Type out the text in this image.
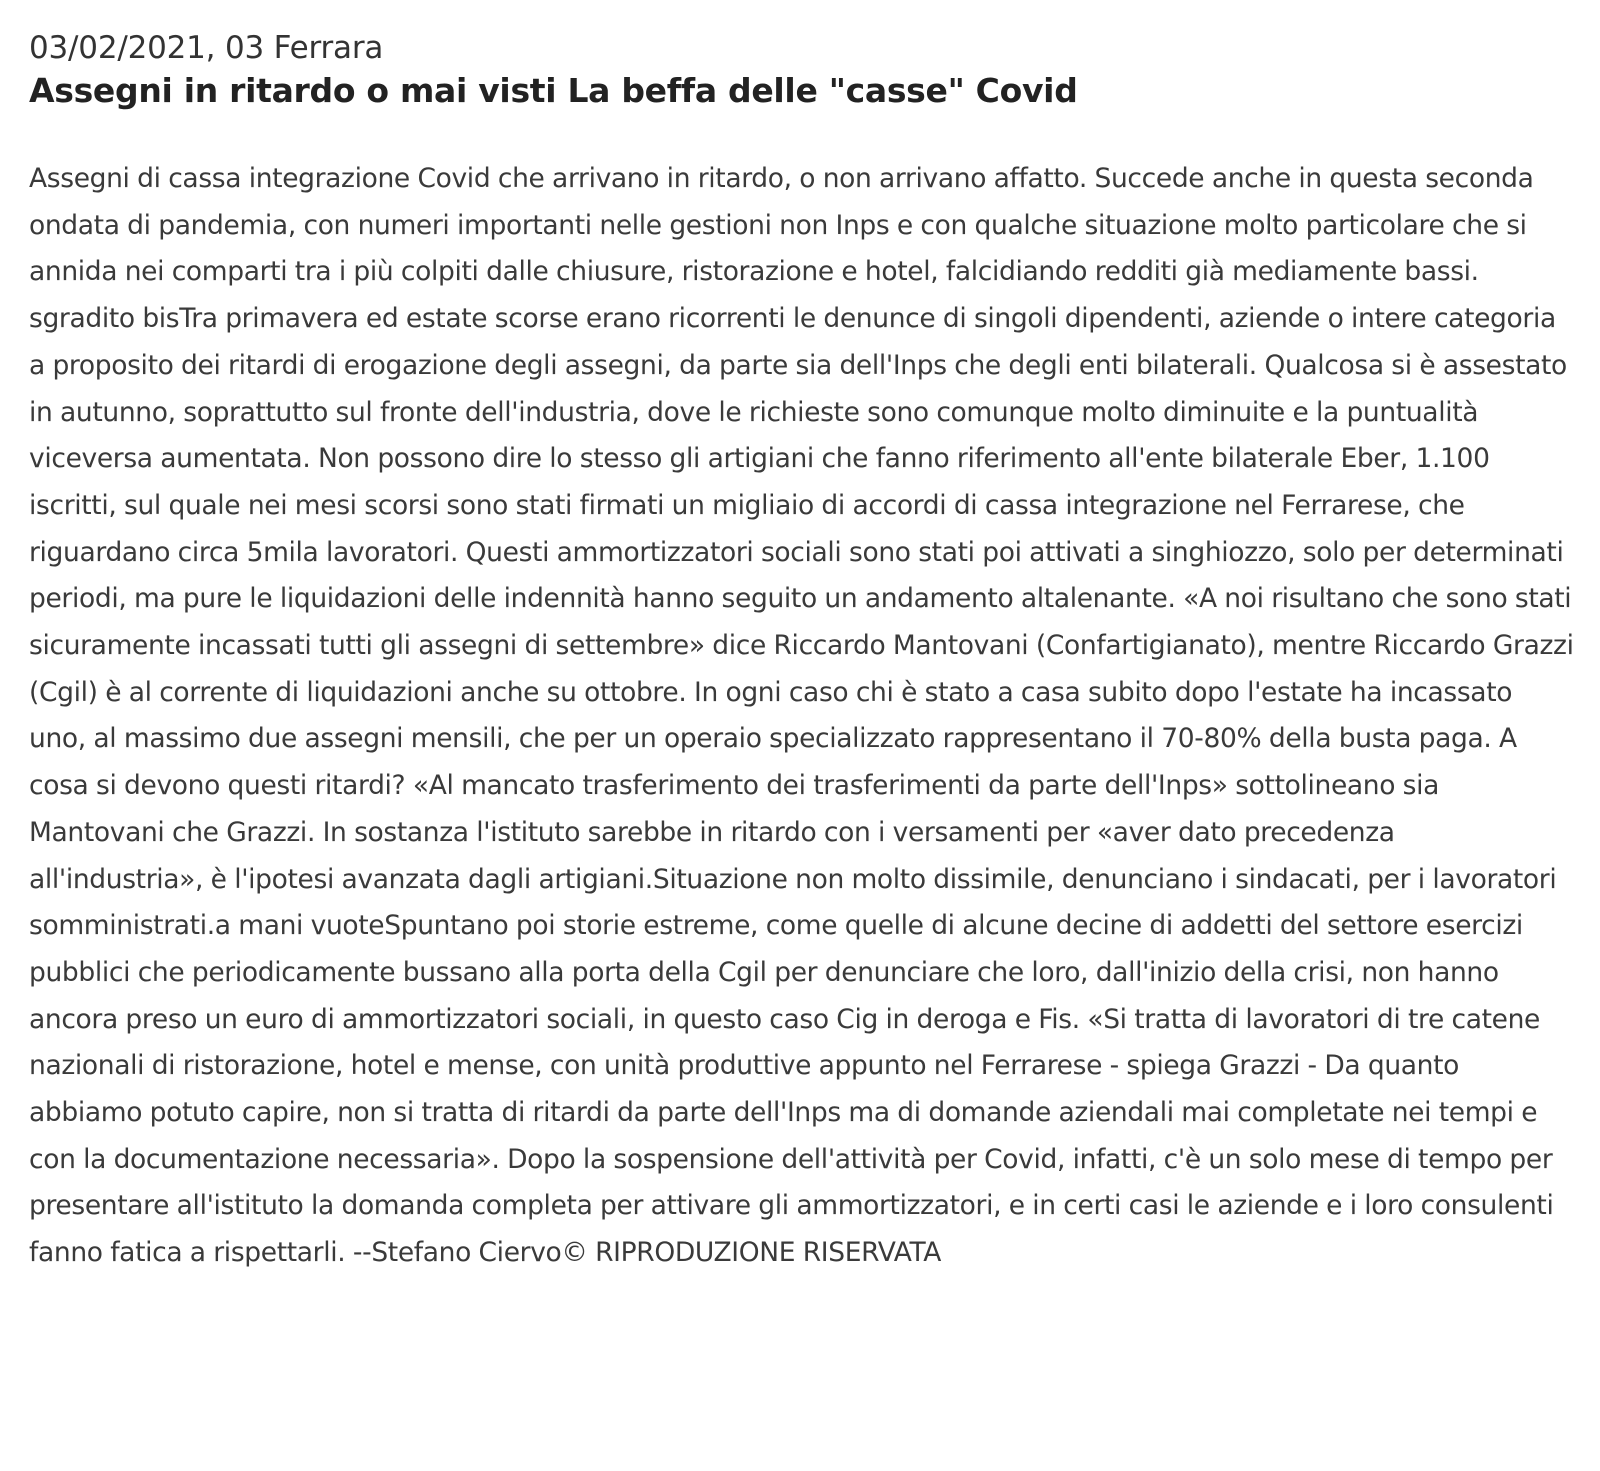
03/02/2021, 03 Ferrara
Assegni in ritardo o mai visti La beffa delle "casse" Covid

Assegni di cassa integrazione Covid che arrivano in ritardo, o non arrivano affatto. Succede anche in questa seconda ondata di pandemia, con numeri importanti nelle gestioni non Inps e con qualche situazione molto particolare che si annida nei comparti tra i più colpiti dalle chiusure, ristorazione e hotel, falcidiando redditi già mediamente bassi. sgradito bisTra primavera ed estate scorse erano ricorrenti le denunce di singoli dipendenti, aziende o intere categoria a proposito dei ritardi di erogazione degli assegni, da parte sia dell'Inps che degli enti bilaterali. Qualcosa si è assestato in autunno, soprattutto sul fronte dell'industria, dove le richieste sono comunque molto diminuite e la puntualità viceversa aumentata. Non possono dire lo stesso gli artigiani che fanno riferimento all'ente bilaterale Eber, 1.100 iscritti, sul quale nei mesi scorsi sono stati firmati un migliaio di accordi di cassa integrazione nel Ferrarese, che riguardano circa 5mila lavoratori. Questi ammortizzatori sociali sono stati poi attivati a singhiozzo, solo per determinati periodi, ma pure le liquidazioni delle indennità hanno seguito un andamento altalenante. «A noi risultano che sono stati sicuramente incassati tutti gli assegni di settembre» dice Riccardo Mantovani (Confartigianato), mentre Riccardo Grazzi (Cgil) è al corrente di liquidazioni anche su ottobre. In ogni caso chi è stato a casa subito dopo l'estate ha incassato uno, al massimo due assegni mensili, che per un operaio specializzato rappresentano il 70-80% della busta paga. A cosa si devono questi ritardi? «Al mancato trasferimento dei trasferimenti da parte dell'Inps» sottolineano sia Mantovani che Grazzi. In sostanza l'istituto sarebbe in ritardo con i versamenti per «aver dato precedenza all'industria», è l'ipotesi avanzata dagli artigiani.Situazione non molto dissimile, denunciano i sindacati, per i lavoratori somministrati.a mani vuoteSpuntano poi storie estreme, come quelle di alcune decine di addetti del settore esercizi pubblici che periodicamente bussano alla porta della Cgil per denunciare che loro, dall'inizio della crisi, non hanno ancora preso un euro di ammortizzatori sociali, in questo caso Cig in deroga e Fis. «Si tratta di lavoratori di tre catene nazionali di ristorazione, hotel e mense, con unità produttive appunto nel Ferrarese - spiega Grazzi - Da quanto abbiamo potuto capire, non si tratta di ritardi da parte dell'Inps ma di domande aziendali mai completate nei tempi e con la documentazione necessaria». Dopo la sospensione dell'attività per Covid, infatti, c'è un solo mese di tempo per presentare all'istituto la domanda completa per attivare gli ammortizzatori, e in certi casi le aziende e i loro consulenti fanno fatica a rispettarli. --Stefano Ciervo© RIPRODUZIONE RISERVATA
